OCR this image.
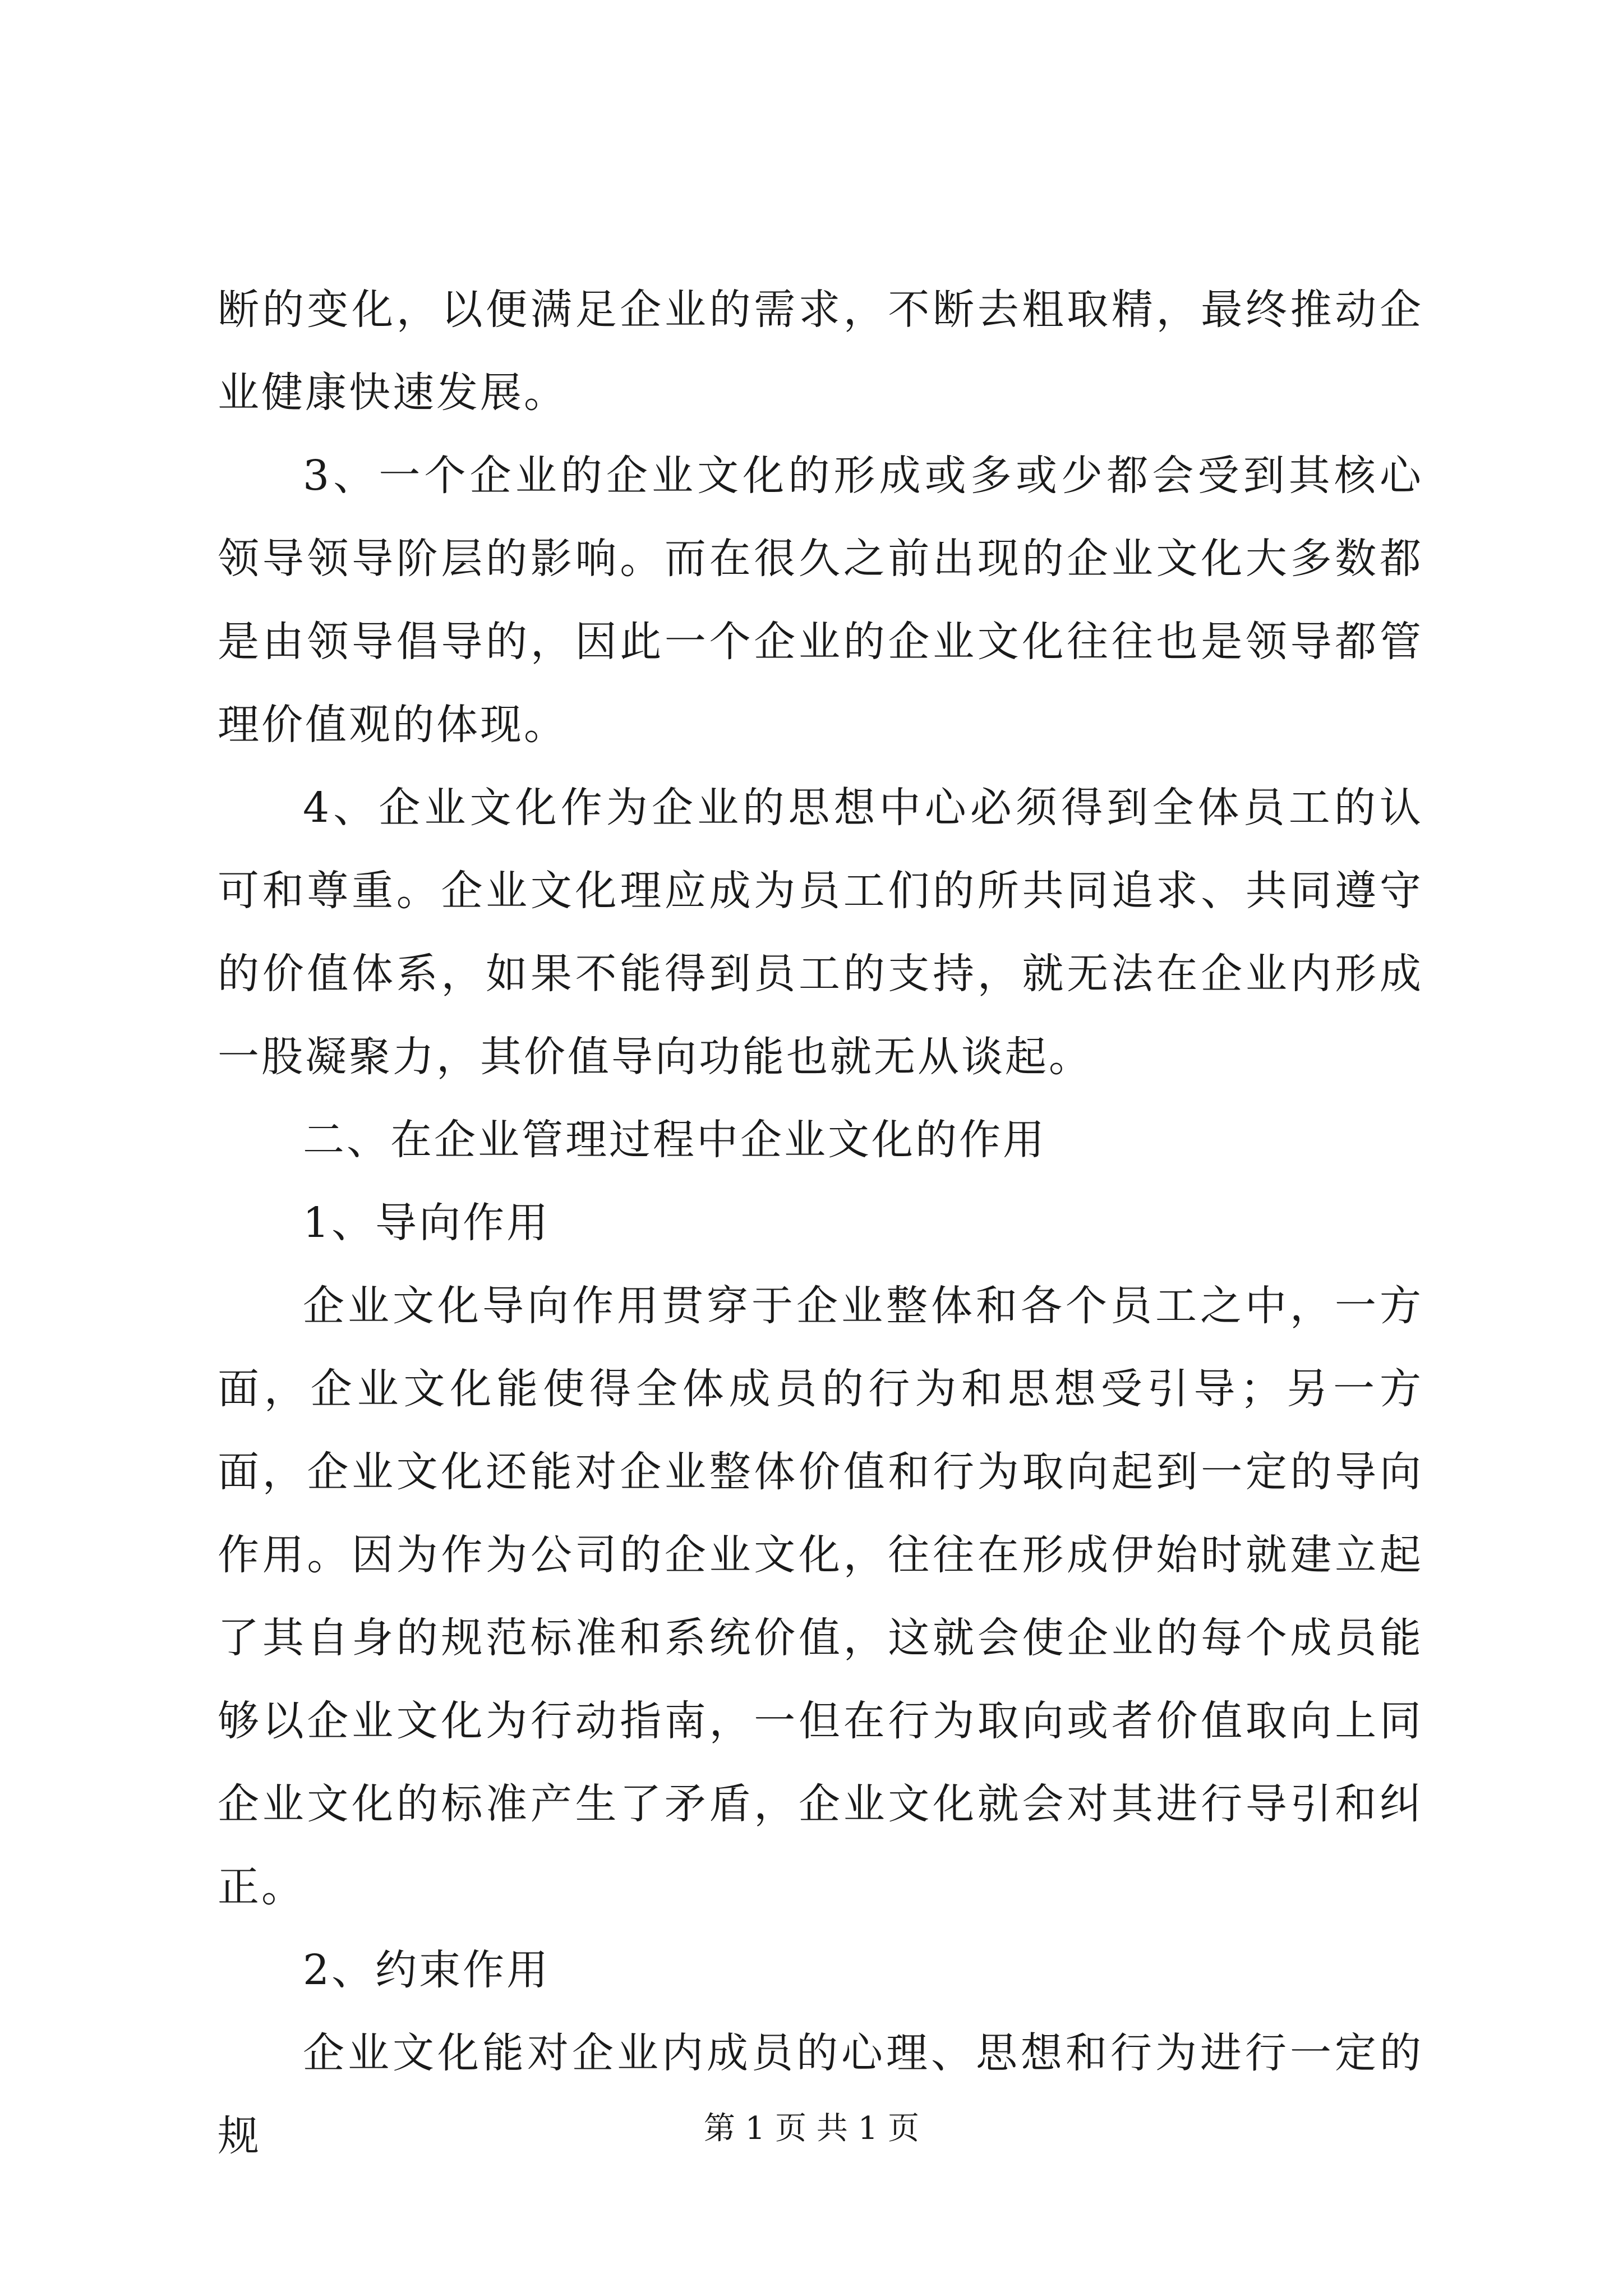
断的变化，以便满足企业的需求，不断去粗取精，最终推动企业健康快速发展。

3、一个企业的企业文化的形成或多或少都会受到其核心领导领导阶层的影响。而在很久之前出现的企业文化大多数都是由领导倡导的，因此一个企业的企业文化往往也是领导都管理价值观的体现。

4、企业文化作为企业的思想中心必须得到全体员工的认可和尊重。企业文化理应成为员工们的所共同追求、共同遵守的价值体系，如果不能得到员工的支持，就无法在企业内形成一股凝聚力，其价值导向功能也就无从谈起。

二、在企业管理过程中企业文化的作用

1、导向作用

企业文化导向作用贯穿于企业整体和各个员工之中，一方面，企业文化能使得全体成员的行为和思想受引导；另一方面，企业文化还能对企业整体价值和行为取向起到一定的导向作用。因为作为公司的企业文化，往往在形成伊始时就建立起了其自身的规范标准和系统价值，这就会使企业的每个成员能够以企业文化为行动指南，一但在行为取向或者价值取向上同企业文化的标准产生了矛盾，企业文化就会对其进行导引和纠正。

2、约束作用

企业文化能对企业内成员的心理、思想和行为进行一定的规	第 1 页 共 1 页
